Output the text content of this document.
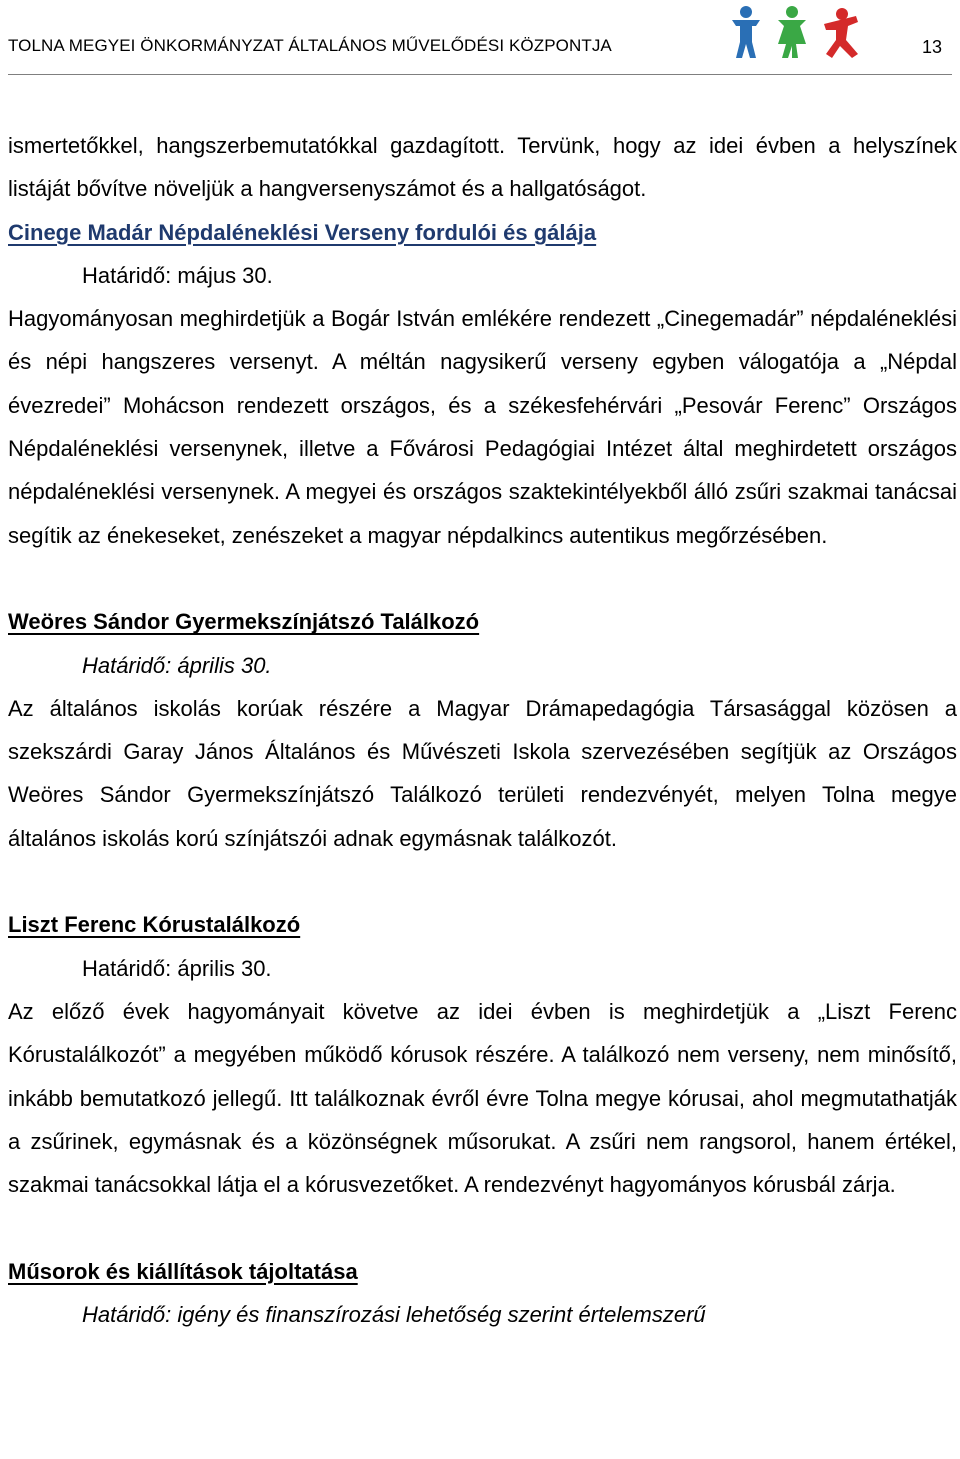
TOLNA MEGYEI ÖNKORMÁNYZAT ÁLTALÁNOS MŰVELŐDÉSI KÖZPONTJA	13

ismertetőkkel, hangszerbemutatókkal gazdagított. Tervünk, hogy az idei évben a helyszínek listáját bővítve növeljük a hangversenyszámot és a hallgatóságot.

Cinege Madár Népdaléneklési Verseny fordulói és gálája

Határidő: május 30.

Hagyományosan meghirdetjük a Bogár István emlékére rendezett „Cinegemadár” népdaléneklési és népi hangszeres versenyt. A méltán nagysikerű verseny egyben válogatója a „Népdal évezredei” Mohácson rendezett országos, és a székesfehérvári „Pesovár Ferenc” Országos Népdaléneklési versenynek, illetve a Fővárosi Pedagógiai Intézet által meghirdetett országos népdaléneklési versenynek. A megyei és országos szaktekintélyekből álló zsűri szakmai tanácsai segítik az énekeseket, zenészeket a magyar népdalkincs autentikus megőrzésében.

Weöres Sándor Gyermekszínjátszó Találkozó

Határidő: április 30.

Az általános iskolás korúak részére a Magyar Drámapedagógia Társasággal közösen a szekszárdi Garay János Általános és Művészeti Iskola szervezésében segítjük az Országos Weöres Sándor Gyermekszínjátszó Találkozó területi rendezvényét, melyen Tolna megye általános iskolás korú színjátszói adnak egymásnak találkozót.

Liszt Ferenc Kórustalálkozó

Határidő: április 30.

Az előző évek hagyományait követve az idei évben is meghirdetjük a „Liszt Ferenc Kórustalálkozót” a megyében működő kórusok részére. A találkozó nem verseny, nem minősítő, inkább bemutatkozó jellegű. Itt találkoznak évről évre Tolna megye kórusai, ahol megmutathatják a zsűrinek, egymásnak és a közönségnek műsorukat. A zsűri nem rangsorol, hanem értékel, szakmai tanácsokkal látja el a kórusvezetőket. A rendezvényt hagyományos kórusbál zárja.

Műsorok és kiállítások tájoltatása

Határidő: igény és finanszírozási lehetőség szerint értelemszerű
